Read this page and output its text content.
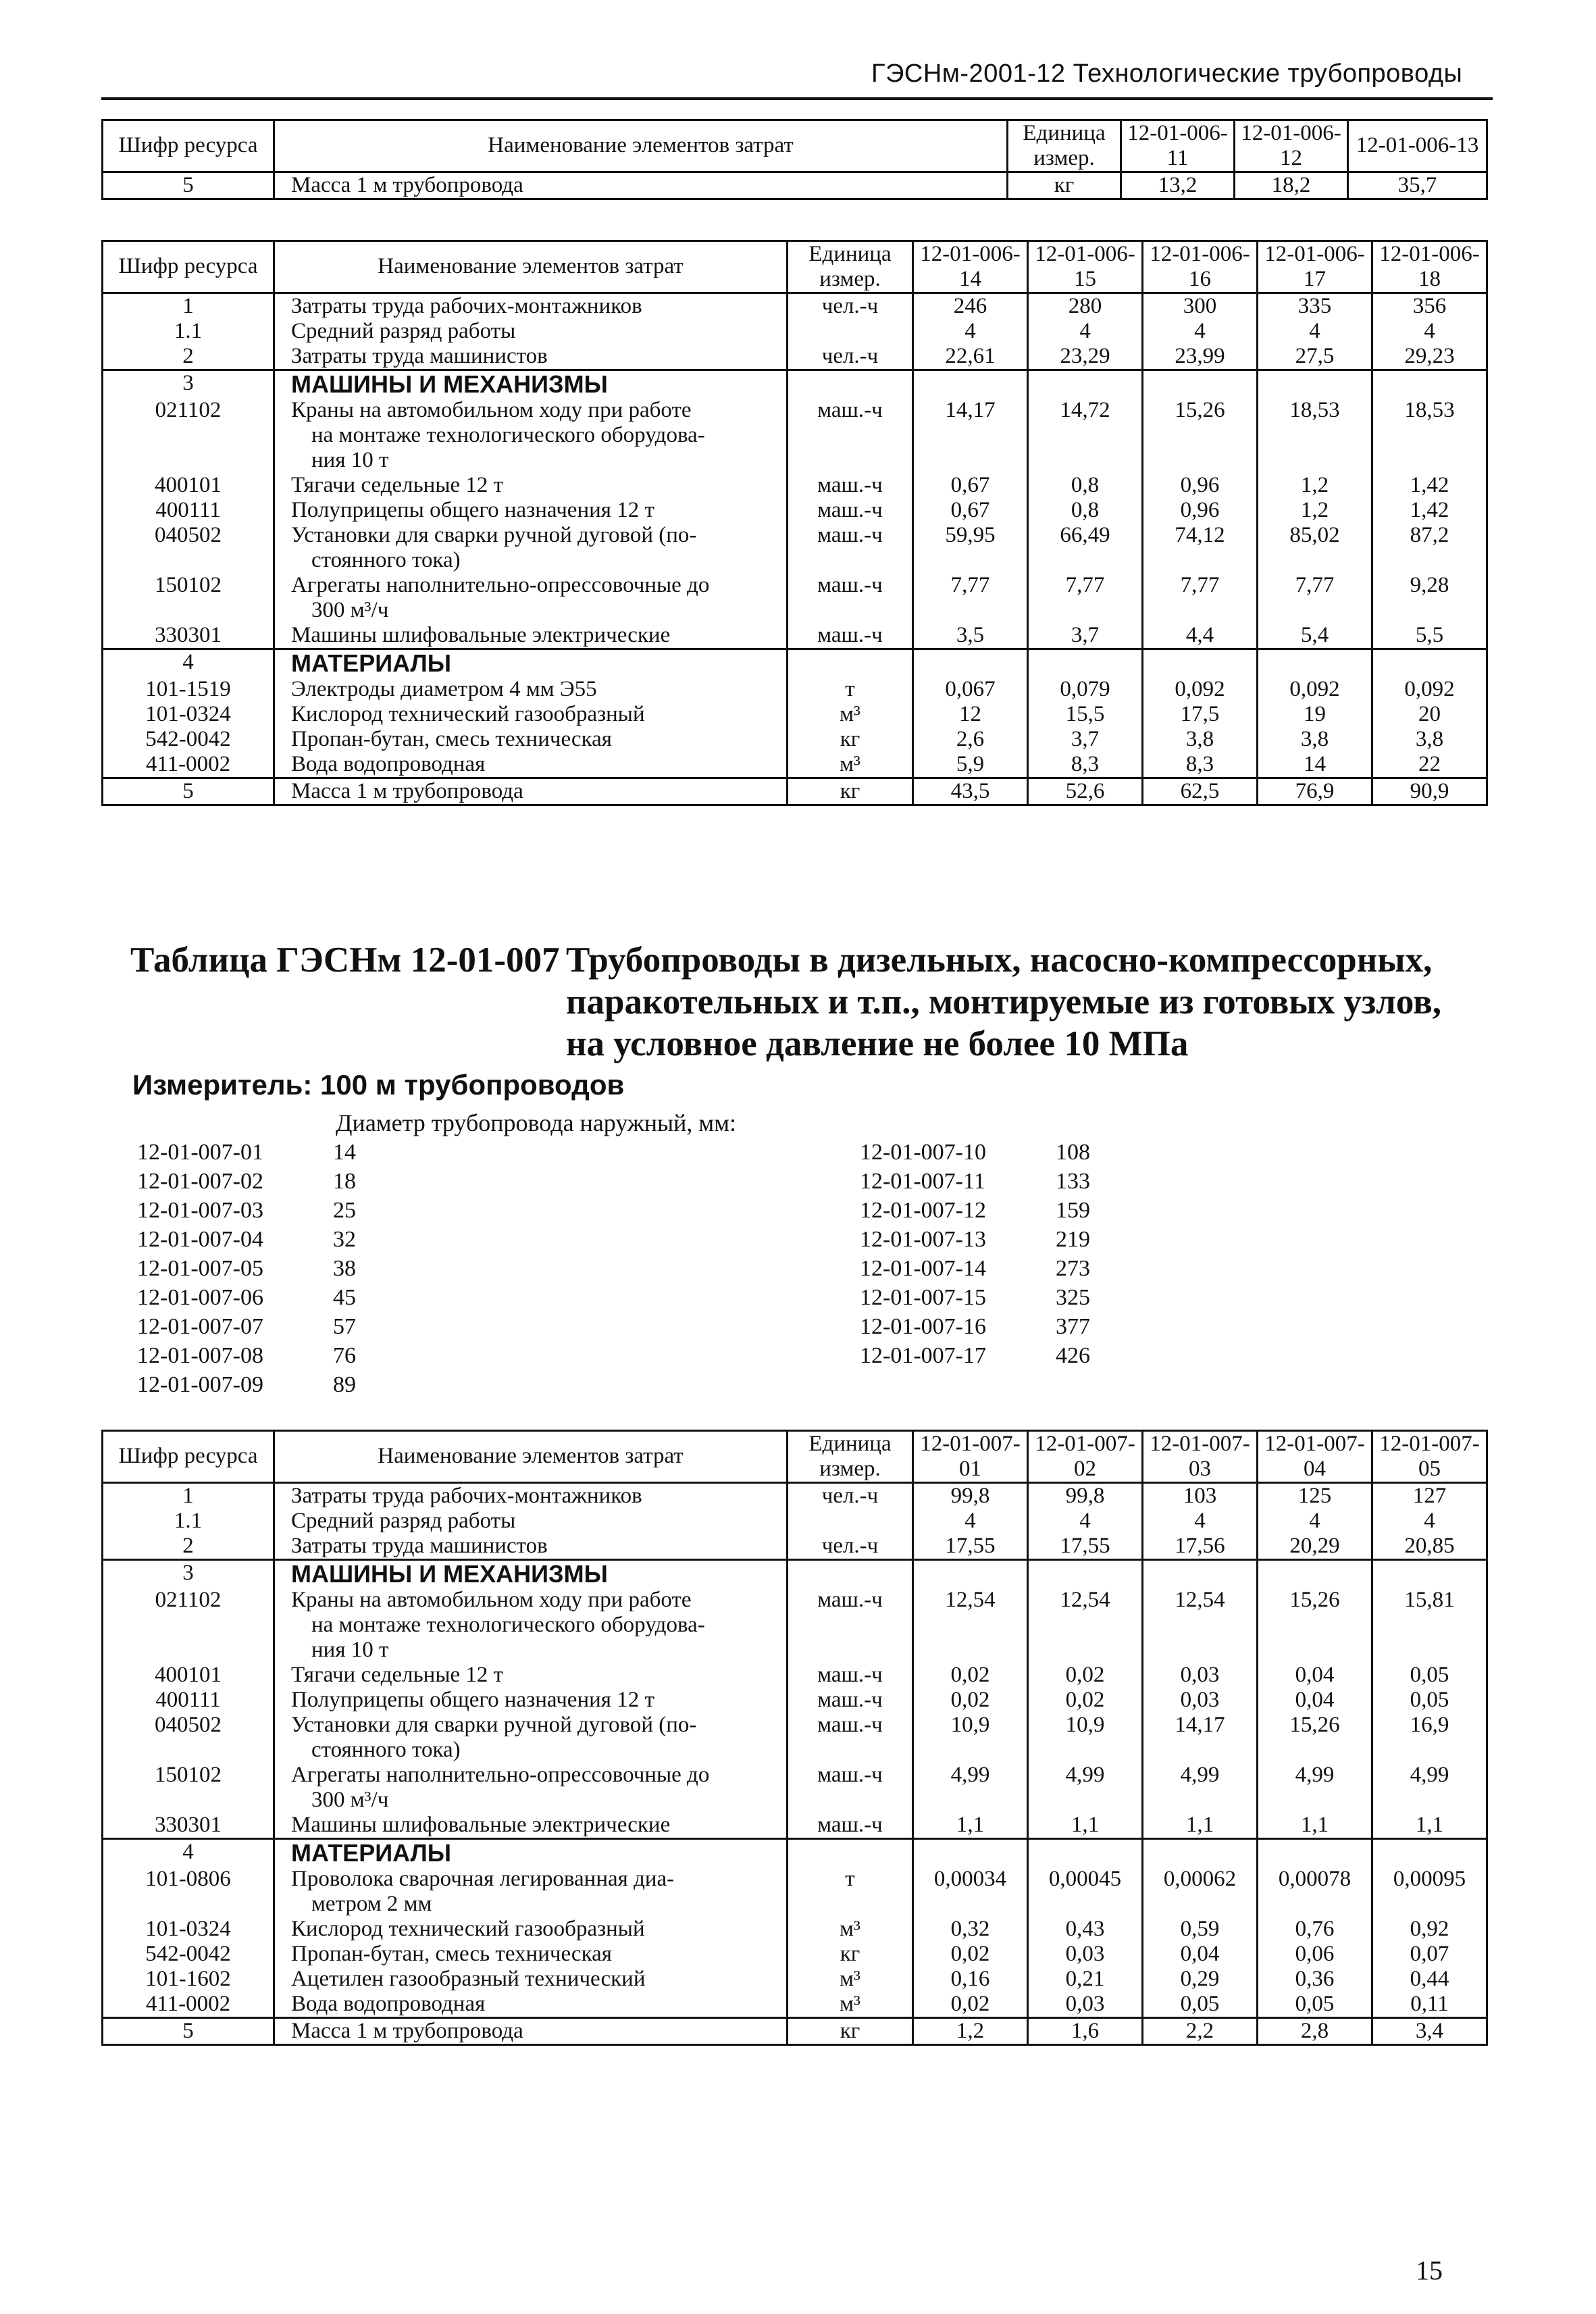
ГЭСНм-2001-12 Технологические трубопроводы
Шифр ресурса	Наименование элементов затрат	Единица измер.	12-01-006-11	12-01-006-12	12-01-006-13
5	Масса 1 м трубопровода	кг	13,2	18,2	35,7
Шифр ресурса	Наименование элементов затрат	Единица измер.	12-01-006-14	12-01-006-15	12-01-006-16	12-01-006-17	12-01-006-18
1	Затраты труда рабочих-монтажников	чел.-ч	246	280	300	335	356
1.1	Средний разряд работы		4	4	4	4	4
2	Затраты труда машинистов	чел.-ч	22,61	23,29	23,99	27,5	29,23
3	МАШИНЫ И МЕХАНИЗМЫ						
021102	Краны на автомобильном ходу при работе
на монтаже технологического оборудова-
ния 10 т	маш.-ч	14,17	14,72	15,26	18,53	18,53
400101	Тягачи седельные 12 т	маш.-ч	0,67	0,8	0,96	1,2	1,42
400111	Полуприцепы общего назначения 12 т	маш.-ч	0,67	0,8	0,96	1,2	1,42
040502	Установки для сварки ручной дуговой (по-
стоянного тока)	маш.-ч	59,95	66,49	74,12	85,02	87,2
150102	Агрегаты наполнительно-опрессовочные до
300 м³/ч	маш.-ч	7,77	7,77	7,77	7,77	9,28
330301	Машины шлифовальные электрические	маш.-ч	3,5	3,7	4,4	5,4	5,5
4	МАТЕРИАЛЫ						
101-1519	Электроды диаметром 4 мм Э55	т	0,067	0,079	0,092	0,092	0,092
101-0324	Кислород технический газообразный	м³	12	15,5	17,5	19	20
542-0042	Пропан-бутан, смесь техническая	кг	2,6	3,7	3,8	3,8	3,8
411-0002	Вода водопроводная	м³	5,9	8,3	8,3	14	22
5	Масса 1 м трубопровода	кг	43,5	52,6	62,5	76,9	90,9
Таблица ГЭСНм 12-01-007 Трубопроводы в дизельных, насосно-компрессорных, паракотельных и т.п., монтируемые из готовых узлов, на условное давление не более 10 МПа
Измеритель: 100 м трубопроводов
Диаметр трубопровода наружный, мм:
12-01-007-01	14
12-01-007-02	18
12-01-007-03	25
12-01-007-04	32
12-01-007-05	38
12-01-007-06	45
12-01-007-07	57
12-01-007-08	76
12-01-007-09	89
12-01-007-10	108
12-01-007-11	133
12-01-007-12	159
12-01-007-13	219
12-01-007-14	273
12-01-007-15	325
12-01-007-16	377
12-01-007-17	426
Шифр ресурса	Наименование элементов затрат	Единица измер.	12-01-007-01	12-01-007-02	12-01-007-03	12-01-007-04	12-01-007-05
1	Затраты труда рабочих-монтажников	чел.-ч	99,8	99,8	103	125	127
1.1	Средний разряд работы		4	4	4	4	4
2	Затраты труда машинистов	чел.-ч	17,55	17,55	17,56	20,29	20,85
3	МАШИНЫ И МЕХАНИЗМЫ						
021102	Краны на автомобильном ходу при работе
на монтаже технологического оборудова-
ния 10 т	маш.-ч	12,54	12,54	12,54	15,26	15,81
400101	Тягачи седельные 12 т	маш.-ч	0,02	0,02	0,03	0,04	0,05
400111	Полуприцепы общего назначения 12 т	маш.-ч	0,02	0,02	0,03	0,04	0,05
040502	Установки для сварки ручной дуговой (по-
стоянного тока)	маш.-ч	10,9	10,9	14,17	15,26	16,9
150102	Агрегаты наполнительно-опрессовочные до
300 м³/ч	маш.-ч	4,99	4,99	4,99	4,99	4,99
330301	Машины шлифовальные электрические	маш.-ч	1,1	1,1	1,1	1,1	1,1
4	МАТЕРИАЛЫ						
101-0806	Проволока сварочная легированная диа-
метром 2 мм	т	0,00034	0,00045	0,00062	0,00078	0,00095
101-0324	Кислород технический газообразный	м³	0,32	0,43	0,59	0,76	0,92
542-0042	Пропан-бутан, смесь техническая	кг	0,02	0,03	0,04	0,06	0,07
101-1602	Ацетилен газообразный технический	м³	0,16	0,21	0,29	0,36	0,44
411-0002	Вода водопроводная	м³	0,02	0,03	0,05	0,05	0,11
5	Масса 1 м трубопровода	кг	1,2	1,6	2,2	2,8	3,4
15
